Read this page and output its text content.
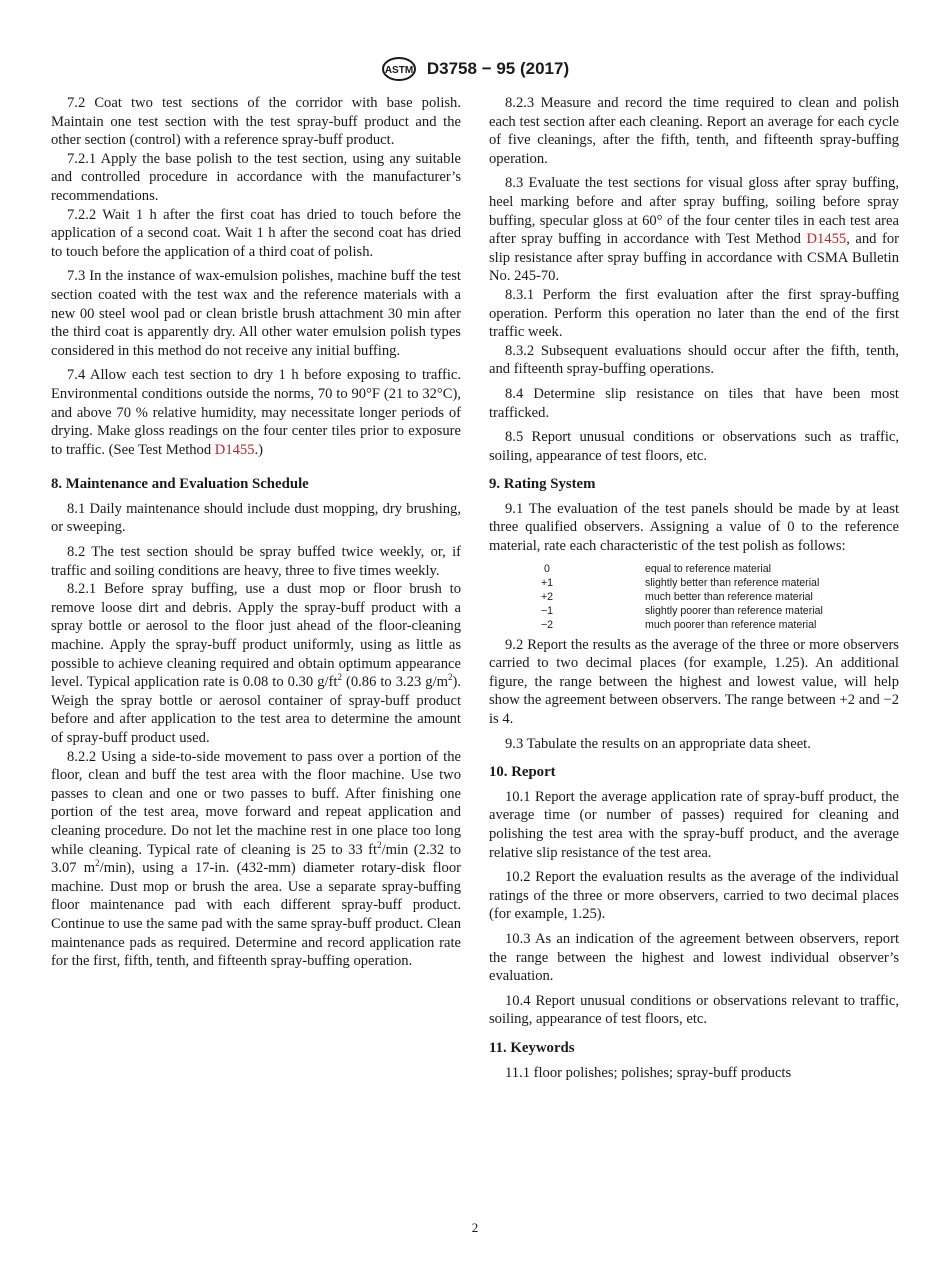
ASTM D3758 − 95 (2017)

7.2 Coat two test sections of the corridor with base polish. Maintain one test section with the test spray-buff product and the other section (control) with a reference spray-buff product.

7.2.1 Apply the base polish to the test section, using any suitable and controlled procedure in accordance with the manufacturer’s recommendations.

7.2.2 Wait 1 h after the first coat has dried to touch before the application of a second coat. Wait 1 h after the second coat has dried to touch before the application of a third coat of polish.

7.3 In the instance of wax-emulsion polishes, machine buff the test section coated with the test wax and the reference materials with a new 00 steel wool pad or clean bristle brush attachment 30 min after the third coat is apparently dry. All other water emulsion polish types considered in this method do not receive any initial buffing.

7.4 Allow each test section to dry 1 h before exposing to traffic. Environmental conditions outside the norms, 70 to 90°F (21 to 32°C), and above 70 % relative humidity, may necessitate longer periods of drying. Make gloss readings on the four center tiles prior to exposure to traffic. (See Test Method D1455.)

8. Maintenance and Evaluation Schedule

8.1 Daily maintenance should include dust mopping, dry brushing, or sweeping.

8.2 The test section should be spray buffed twice weekly, or, if traffic and soiling conditions are heavy, three to five times weekly.

8.2.1 Before spray buffing, use a dust mop or floor brush to remove loose dirt and debris. Apply the spray-buff product with a spray bottle or aerosol to the floor just ahead of the floor-cleaning machine. Apply the spray-buff product uniformly, using as little as possible to achieve cleaning required and obtain optimum appearance level. Typical application rate is 0.08 to 0.30 $g/ft^2$ (0.86 to 3.23 $g/m^2$). Weigh the spray bottle or aerosol container of spray-buff product before and after application to the test area to determine the amount of spray-buff product used.

8.2.2 Using a side-to-side movement to pass over a portion of the floor, clean and buff the test area with the floor machine. Use two passes to clean and one or two passes to buff. After finishing one portion of the test area, move forward and repeat application and cleaning procedure. Do not let the machine rest in one place too long while cleaning. Typical rate of cleaning is 25 to 33 $ft^2/\min$ (2.32 to 3.07 $m^2/\min$), using a 17-in. (432-mm) diameter rotary-disk floor machine. Dust mop or brush the area. Use a separate spray-buffing floor maintenance pad with each different spray-buff product. Continue to use the same pad with the same spray-buff product. Clean maintenance pads as required. Determine and record application rate for the first, fifth, tenth, and fifteenth spray-buffing operation.

8.2.3 Measure and record the time required to clean and polish each test section after each cleaning. Report an average for each cycle of five cleanings, after the fifth, tenth, and fifteenth spray-buffing operation.

8.3 Evaluate the test sections for visual gloss after spray buffing, heel marking before and after spray buffing, soiling before spray buffing, specular gloss at 60° of the four center tiles in each test area after spray buffing in accordance with Test Method D1455, and for slip resistance after spray buffing in accordance with CSMA Bulletin No. 245-70.

8.3.1 Perform the first evaluation after the first spray-buffing operation. Perform this operation no later than the end of the first traffic week.

8.3.2 Subsequent evaluations should occur after the fifth, tenth, and fifteenth spray-buffing operations.

8.4 Determine slip resistance on tiles that have been most trafficked.

8.5 Report unusual conditions or observations such as traffic, soiling, appearance of test floors, etc.

9. Rating System

9.1 The evaluation of the test panels should be made by at least three qualified observers. Assigning a value of 0 to the reference material, rate each characteristic of the test polish as follows:

0	equal to reference material
+1	slightly better than reference material
+2	much better than reference material
−1	slightly poorer than reference material
−2	much poorer than reference material

9.2 Report the results as the average of the three or more observers carried to two decimal places (for example, 1.25). An additional figure, the range between the highest and lowest value, will help show the agreement between observers. The range between +2 and −2 is 4.

9.3 Tabulate the results on an appropriate data sheet.

10. Report

10.1 Report the average application rate of spray-buff product, the average time (or number of passes) required for cleaning and polishing the test area with the spray-buff product, and the average relative slip resistance of the test area.

10.2 Report the evaluation results as the average of the individual ratings of the three or more observers, carried to two decimal places (for example, 1.25).

10.3 As an indication of the agreement between observers, report the range between the highest and lowest individual observer’s evaluation.

10.4 Report unusual conditions or observations relevant to traffic, soiling, appearance of test floors, etc.

11. Keywords

11.1 floor polishes; polishes; spray-buff products

2
